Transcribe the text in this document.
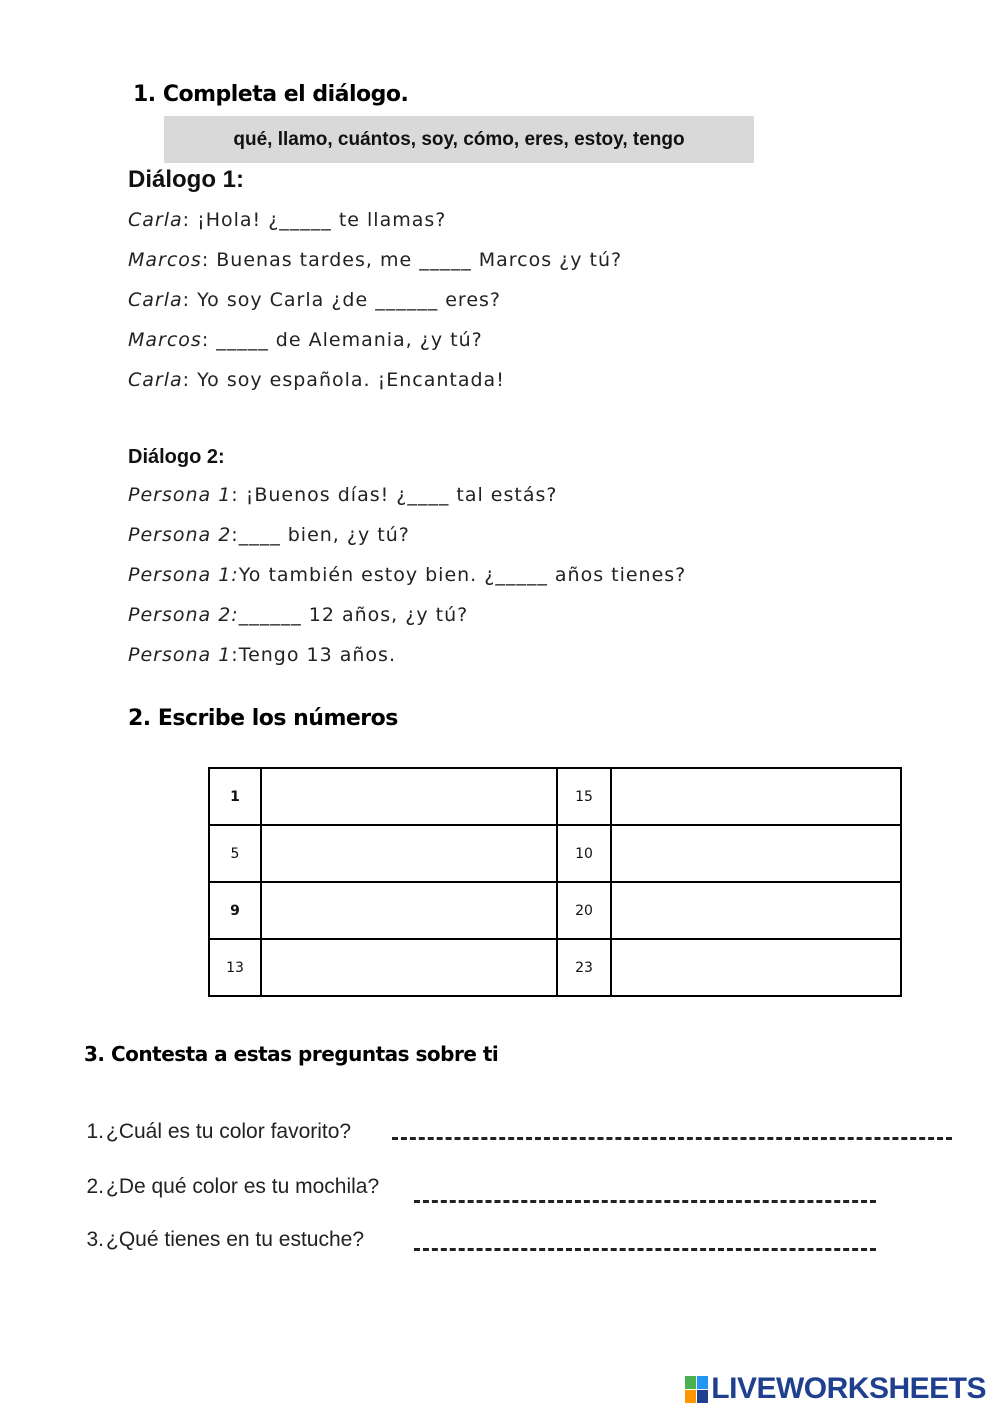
1. Completa el diálogo.
qué, llamo, cuántos, soy, cómo, eres, estoy, tengo
Diálogo 1:
Carla: ¡Hola! ¿_____ te llamas?
Marcos: Buenas tardes, me _____ Marcos ¿y tú?
Carla: Yo soy Carla ¿de ______ eres?
Marcos: _____ de Alemania, ¿y tú?
Carla: Yo soy española. ¡Encantada!
Diálogo 2:
Persona 1: ¡Buenos días! ¿____ tal estás?
Persona 2:____ bien, ¿y tú?
Persona 1:Yo también estoy bien. ¿_____ años tienes?
Persona 2:______ 12 años, ¿y tú?
Persona 1:Tengo 13 años.
2. Escribe los números
1		15	
5		10	
9		20	
13		23	
3. Contesta a estas preguntas sobre ti
1.¿Cuál es tu color favorito?
2.¿De qué color es tu mochila?
3.¿Qué tienes en tu estuche?
LIVEWORKSHEETS
